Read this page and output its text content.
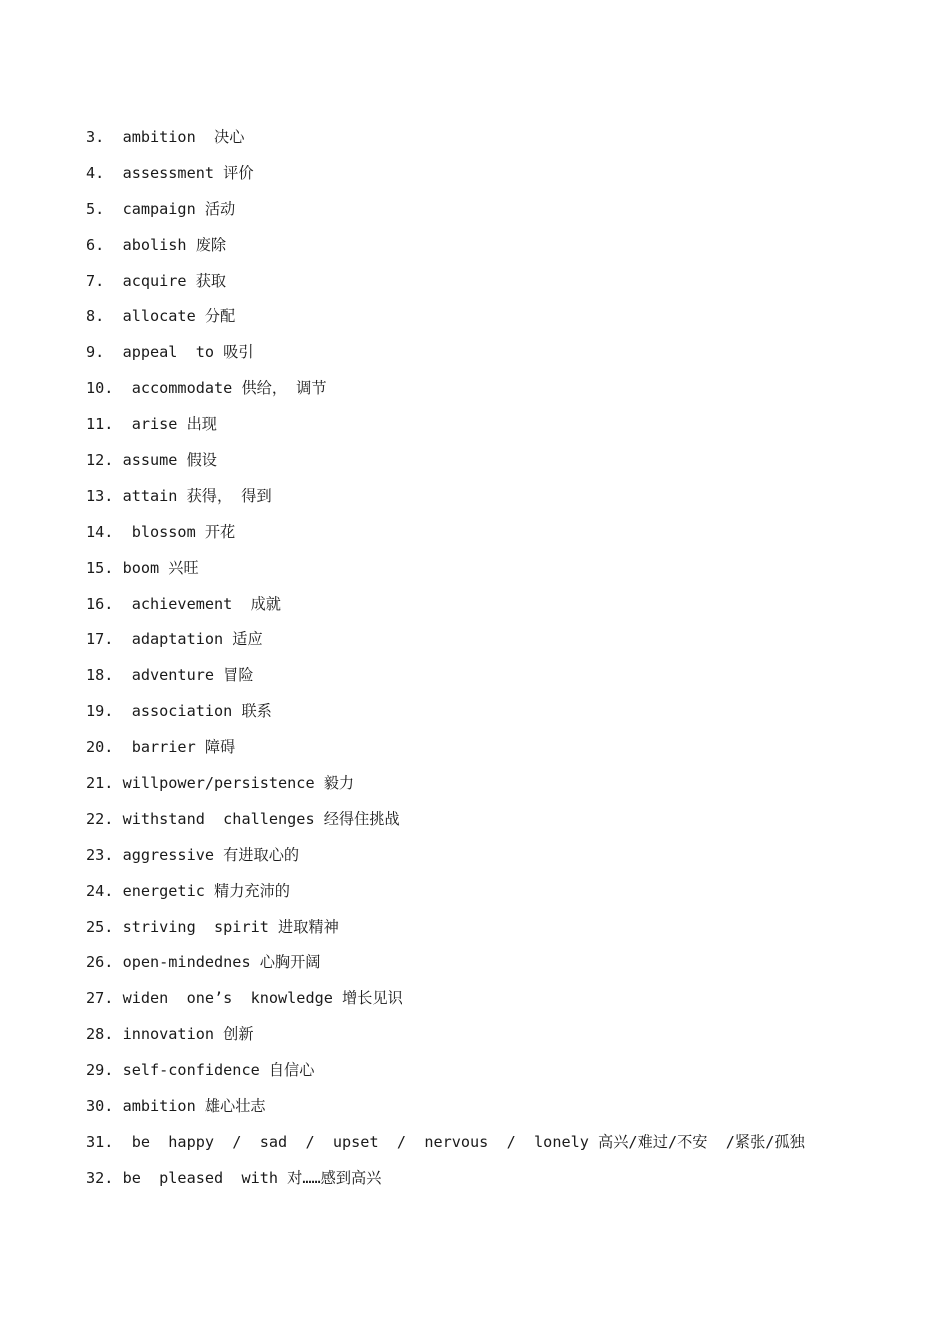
3.  ambition  决心
4.  assessment 评价
5.  campaign 活动
6.  abolish 废除
7.  acquire 获取
8.  allocate 分配
9.  appeal  to 吸引
10.  accommodate 供给， 调节
11.  arise 出现
12. assume 假设
13. attain 获得， 得到
14.  blossom 开花
15. boom 兴旺
16.  achievement  成就
17.  adaptation 适应
18.  adventure 冒险
19.  association 联系
20.  barrier 障碍
21. willpower/persistence 毅力
22. withstand  challenges 经得住挑战
23. aggressive 有进取心的
24. energetic 精力充沛的
25. striving  spirit 进取精神
26. open-mindednes 心胸开阔
27. widen  one’s  knowledge 增长见识
28. innovation 创新
29. self-confidence 自信心
30. ambition 雄心壮志
31.  be  happy  /  sad  /  upset  /  nervous  /  lonely 高兴/难过/不安  /紧张/孤独
32. be  pleased  with 对……感到高兴
